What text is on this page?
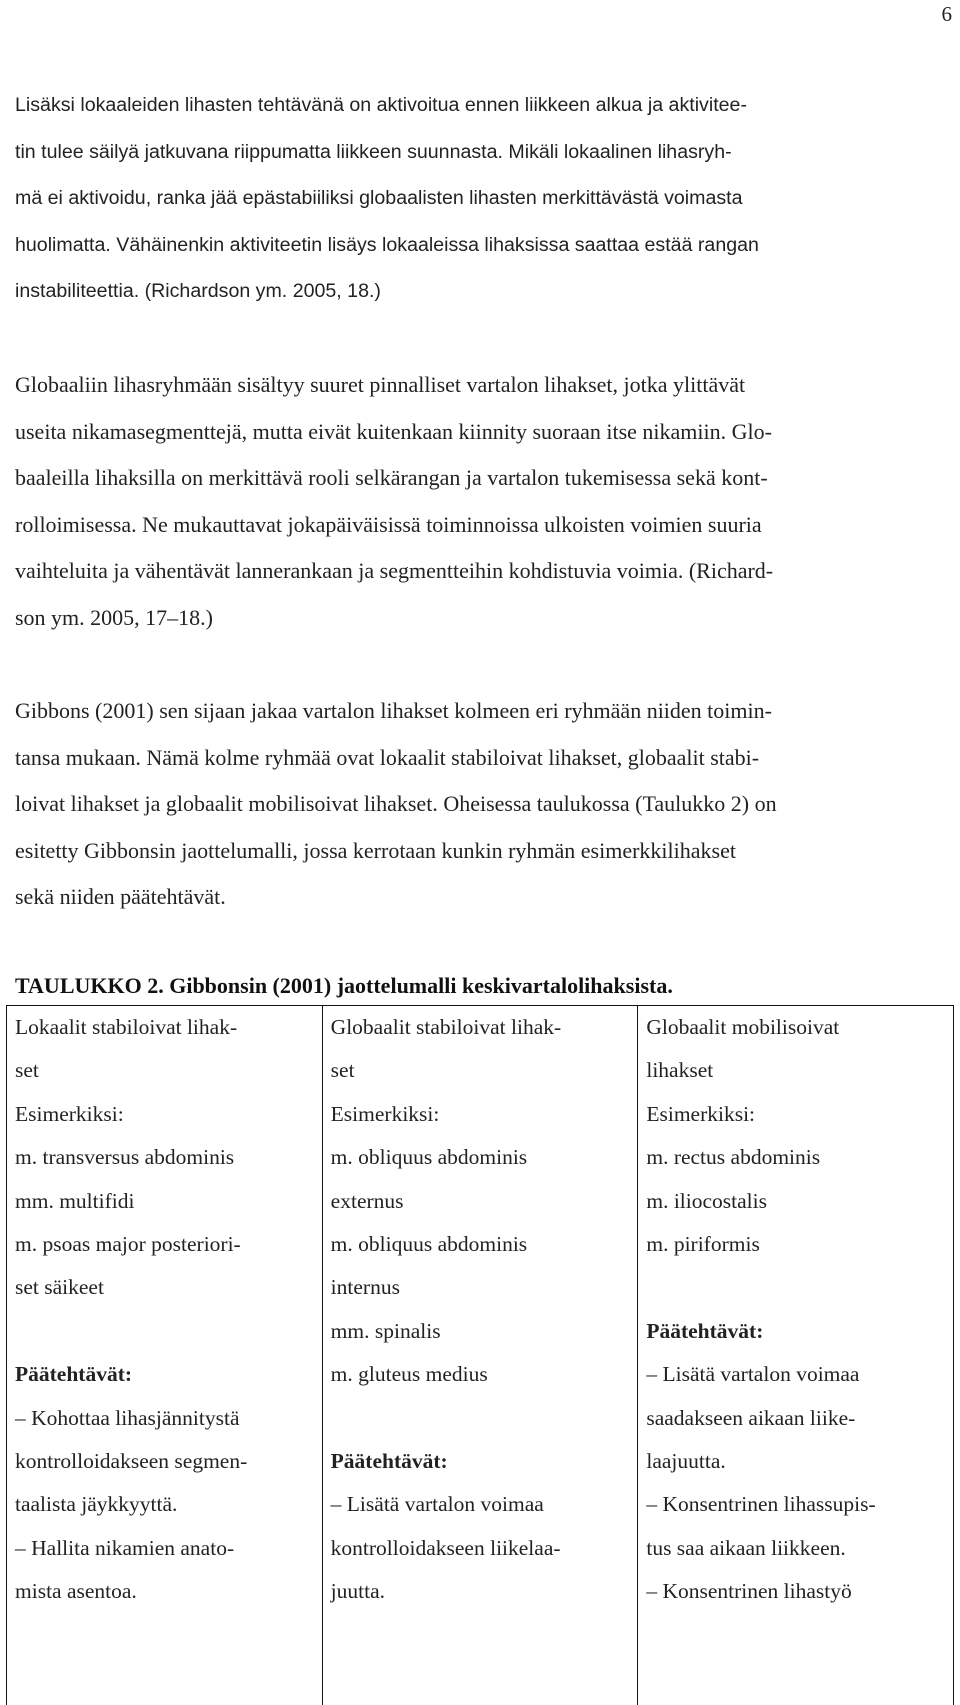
6
Lisäksi lokaaleiden lihasten tehtävänä on aktivoitua ennen liikkeen alkua ja aktivitee-
tin tulee säilyä jatkuvana riippumatta liikkeen suunnasta. Mikäli lokaalinen lihasryh-
mä ei aktivoidu, ranka jää epästabiiliksi globaalisten lihasten merkittävästä voimasta
huolimatta. Vähäinenkin aktiviteetin lisäys lokaaleissa lihaksissa saattaa estää rangan
instabiliteettia. (Richardson ym. 2005, 18.)
Globaaliin lihasryhmään sisältyy suuret pinnalliset vartalon lihakset, jotka ylittävät
useita nikamasegmenttejä, mutta eivät kuitenkaan kiinnity suoraan itse nikamiin. Glo-
baaleilla lihaksilla on merkittävä rooli selkärangan ja vartalon tukemisessa sekä kont-
rolloimisessa. Ne mukauttavat jokapäiväisissä toiminnoissa ulkoisten voimien suuria
vaihteluita ja vähentävät lannerankaan ja segmentteihin kohdistuvia voimia. (Richard-
son ym. 2005, 17–18.)
Gibbons (2001) sen sijaan jakaa vartalon lihakset kolmeen eri ryhmään niiden toimin-
tansa mukaan. Nämä kolme ryhmää ovat lokaalit stabiloivat lihakset, globaalit stabi-
loivat lihakset ja globaalit mobilisoivat lihakset. Oheisessa taulukossa (Taulukko 2) on
esitetty Gibbonsin jaottelumalli, jossa kerrotaan kunkin ryhmän esimerkkilihakset
sekä niiden päätehtävät.
TAULUKKO 2. Gibbonsin (2001) jaottelumalli keskivartalolihaksista.
Lokaalit stabiloivat lihak-
set
Esimerkiksi:
m. transversus abdominis
mm. multifidi
m. psoas major posteriori-
set säikeet
Päätehtävät:
– Kohottaa lihasjännitystä
kontrolloidakseen segmen-
taalista jäykkyyttä.
– Hallita nikamien anato-
mista asentoa.
Globaalit stabiloivat lihak-
set
Esimerkiksi:
m. obliquus abdominis
externus
m. obliquus abdominis
internus
mm. spinalis
m. gluteus medius
Päätehtävät:
– Lisätä vartalon voimaa
kontrolloidakseen liikelaa-
juutta.
Globaalit mobilisoivat
lihakset
Esimerkiksi:
m. rectus abdominis
m. iliocostalis
m. piriformis
Päätehtävät:
– Lisätä vartalon voimaa
saadakseen aikaan liike-
laajuutta.
– Konsentrinen lihassupis-
tus saa aikaan liikkeen.
– Konsentrinen lihastyö
